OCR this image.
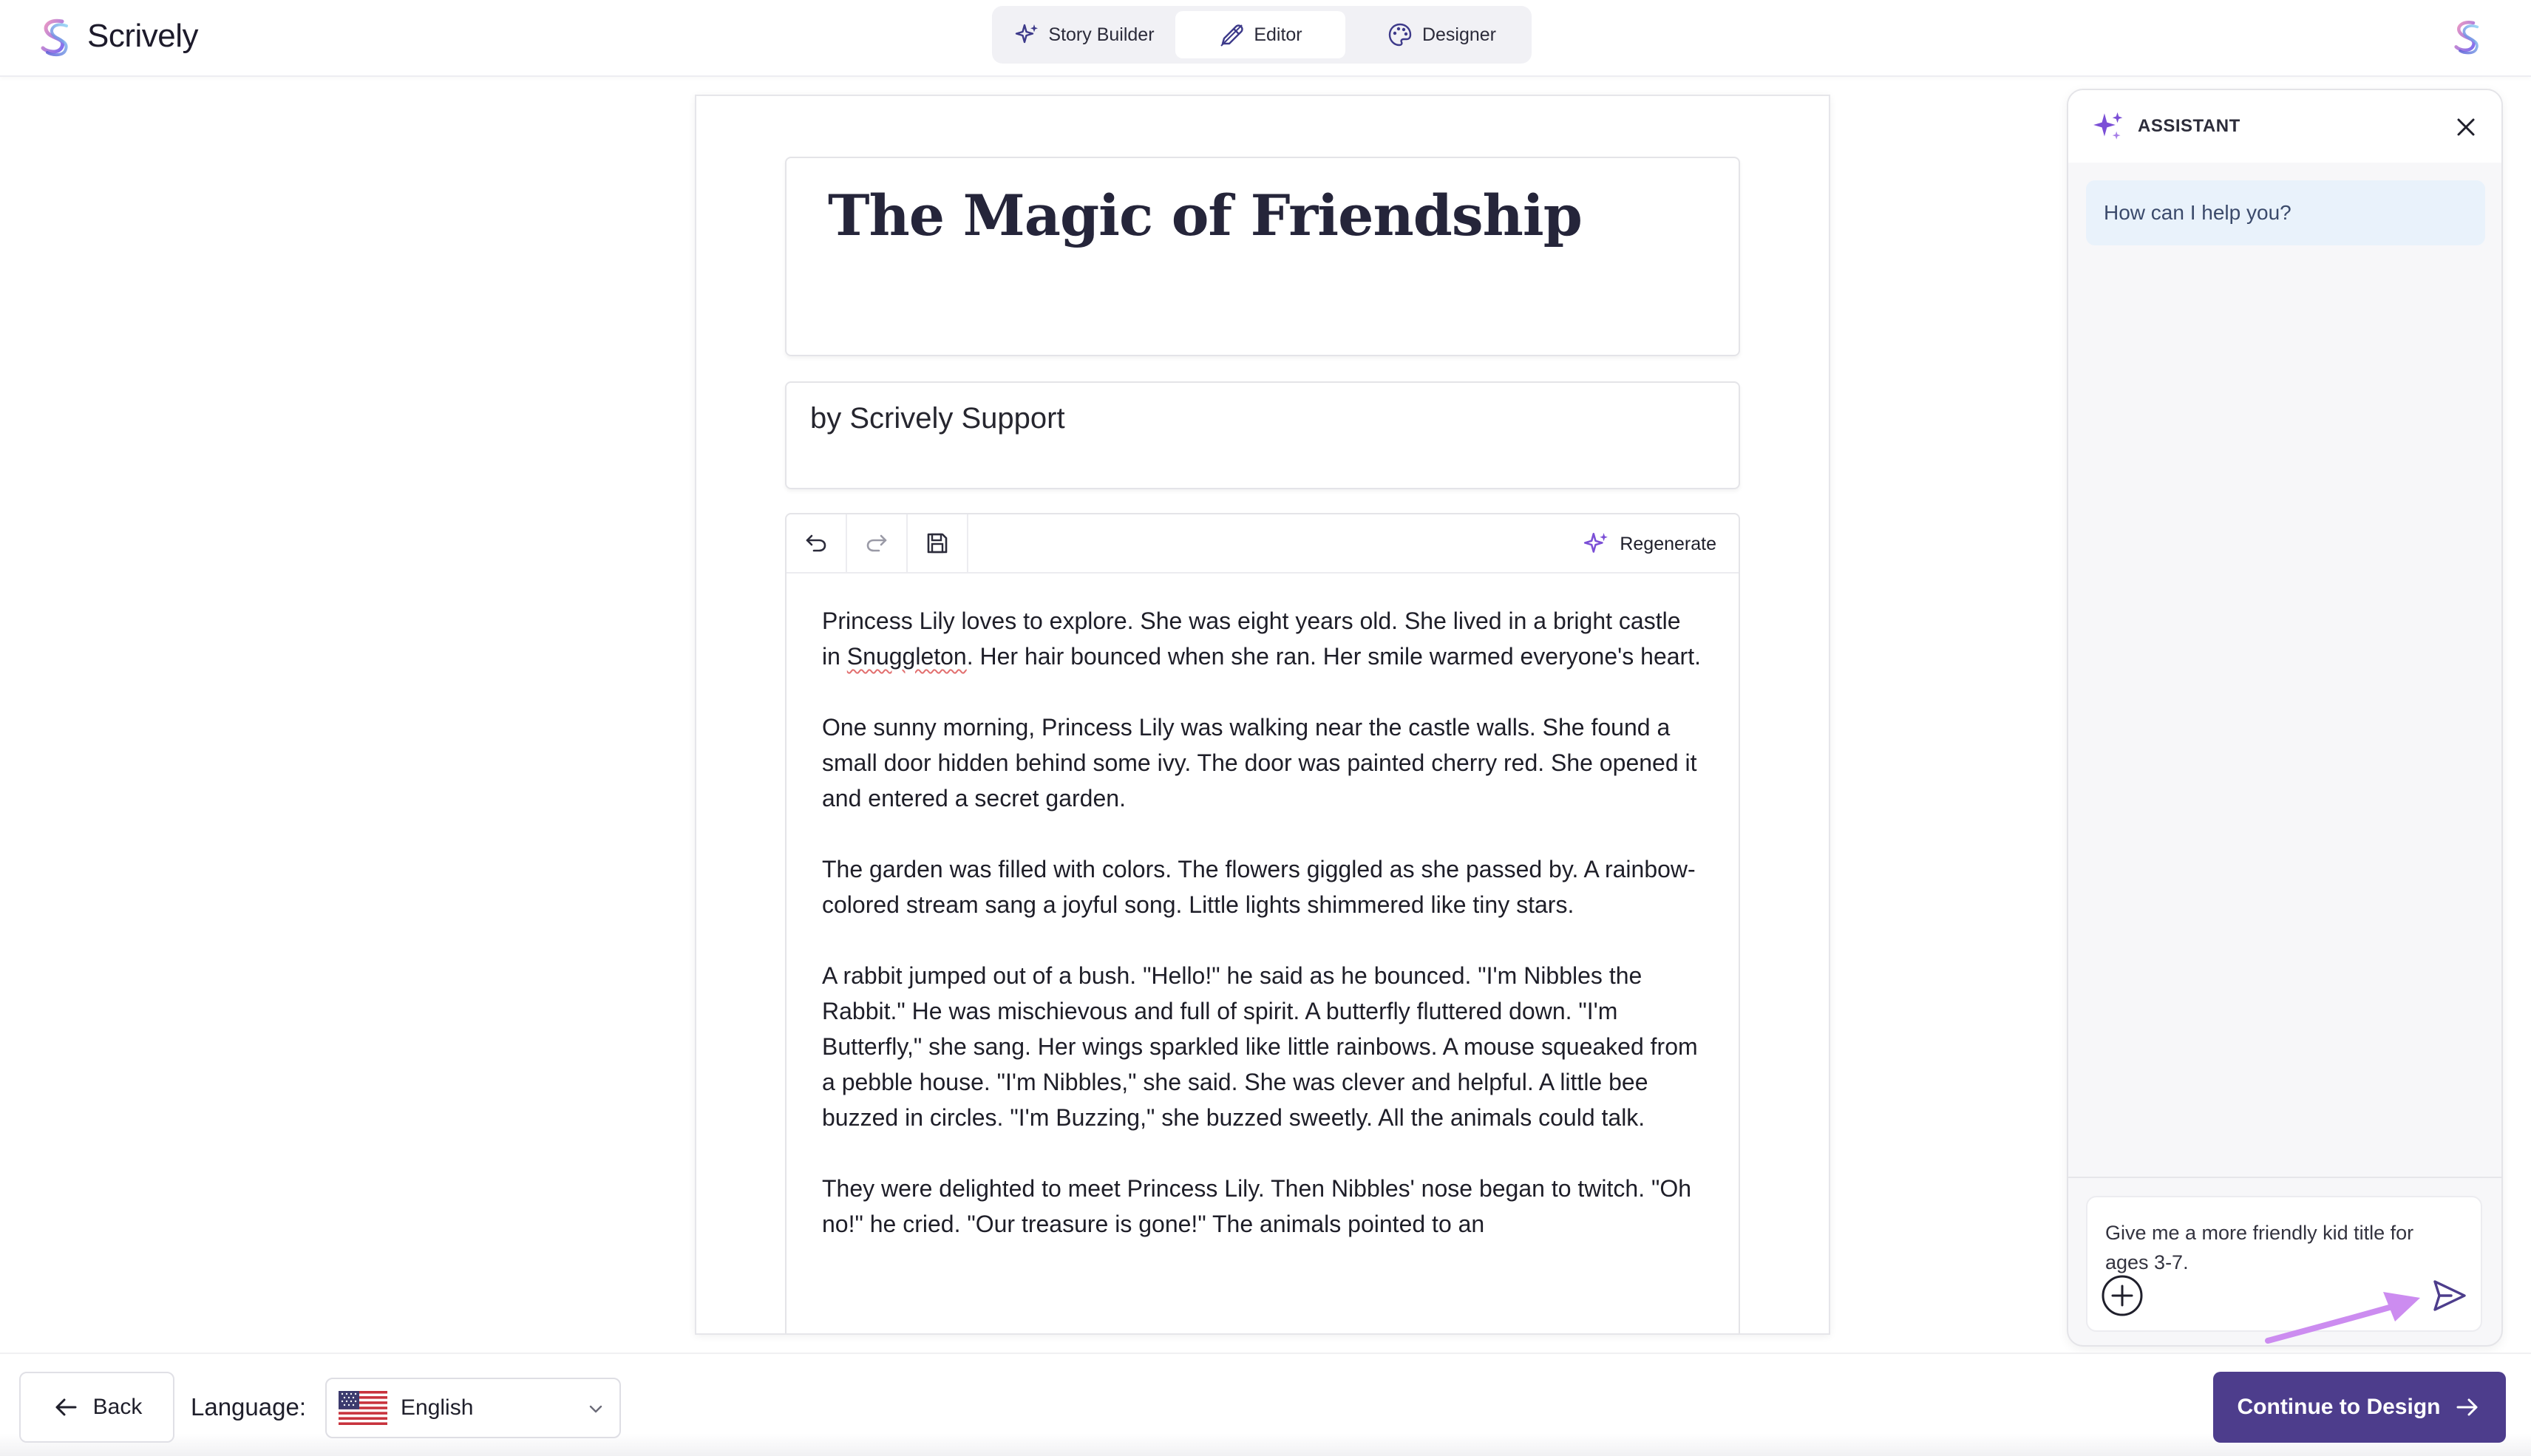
Scrively	Story Builder	Editor	Designer
The Magic of Friendship
by Scrively Support
Regenerate

Princess Lily loves to explore. She was eight years old. She lived in a bright castle in Snuggleton. Her hair bounced when she ran. Her smile warmed everyone's heart.

One sunny morning, Princess Lily was walking near the castle walls. She found a small door hidden behind some ivy. The door was painted cherry red. She opened it and entered a secret garden.

The garden was filled with colors. The flowers giggled as she passed by. A rainbow-colored stream sang a joyful song. Little lights shimmered like tiny stars.

A rabbit jumped out of a bush. "Hello!" he said as he bounced. "I'm Nibbles the Rabbit." He was mischievous and full of spirit. A butterfly fluttered down. "I'm Butterfly," she sang. Her wings sparkled like little rainbows. A mouse squeaked from a pebble house. "I'm Nibbles," she said. She was clever and helpful. A little bee buzzed in circles. "I'm Buzzing," she buzzed sweetly. All the animals could talk.

They were delighted to meet Princess Lily. Then Nibbles' nose began to twitch. "Oh no!" he cried. "Our treasure is gone!" The animals pointed to an

ASSISTANT
How can I help you?
Give me a more friendly kid title for ages 3-7.
Back Language:	English	Continue to Design
